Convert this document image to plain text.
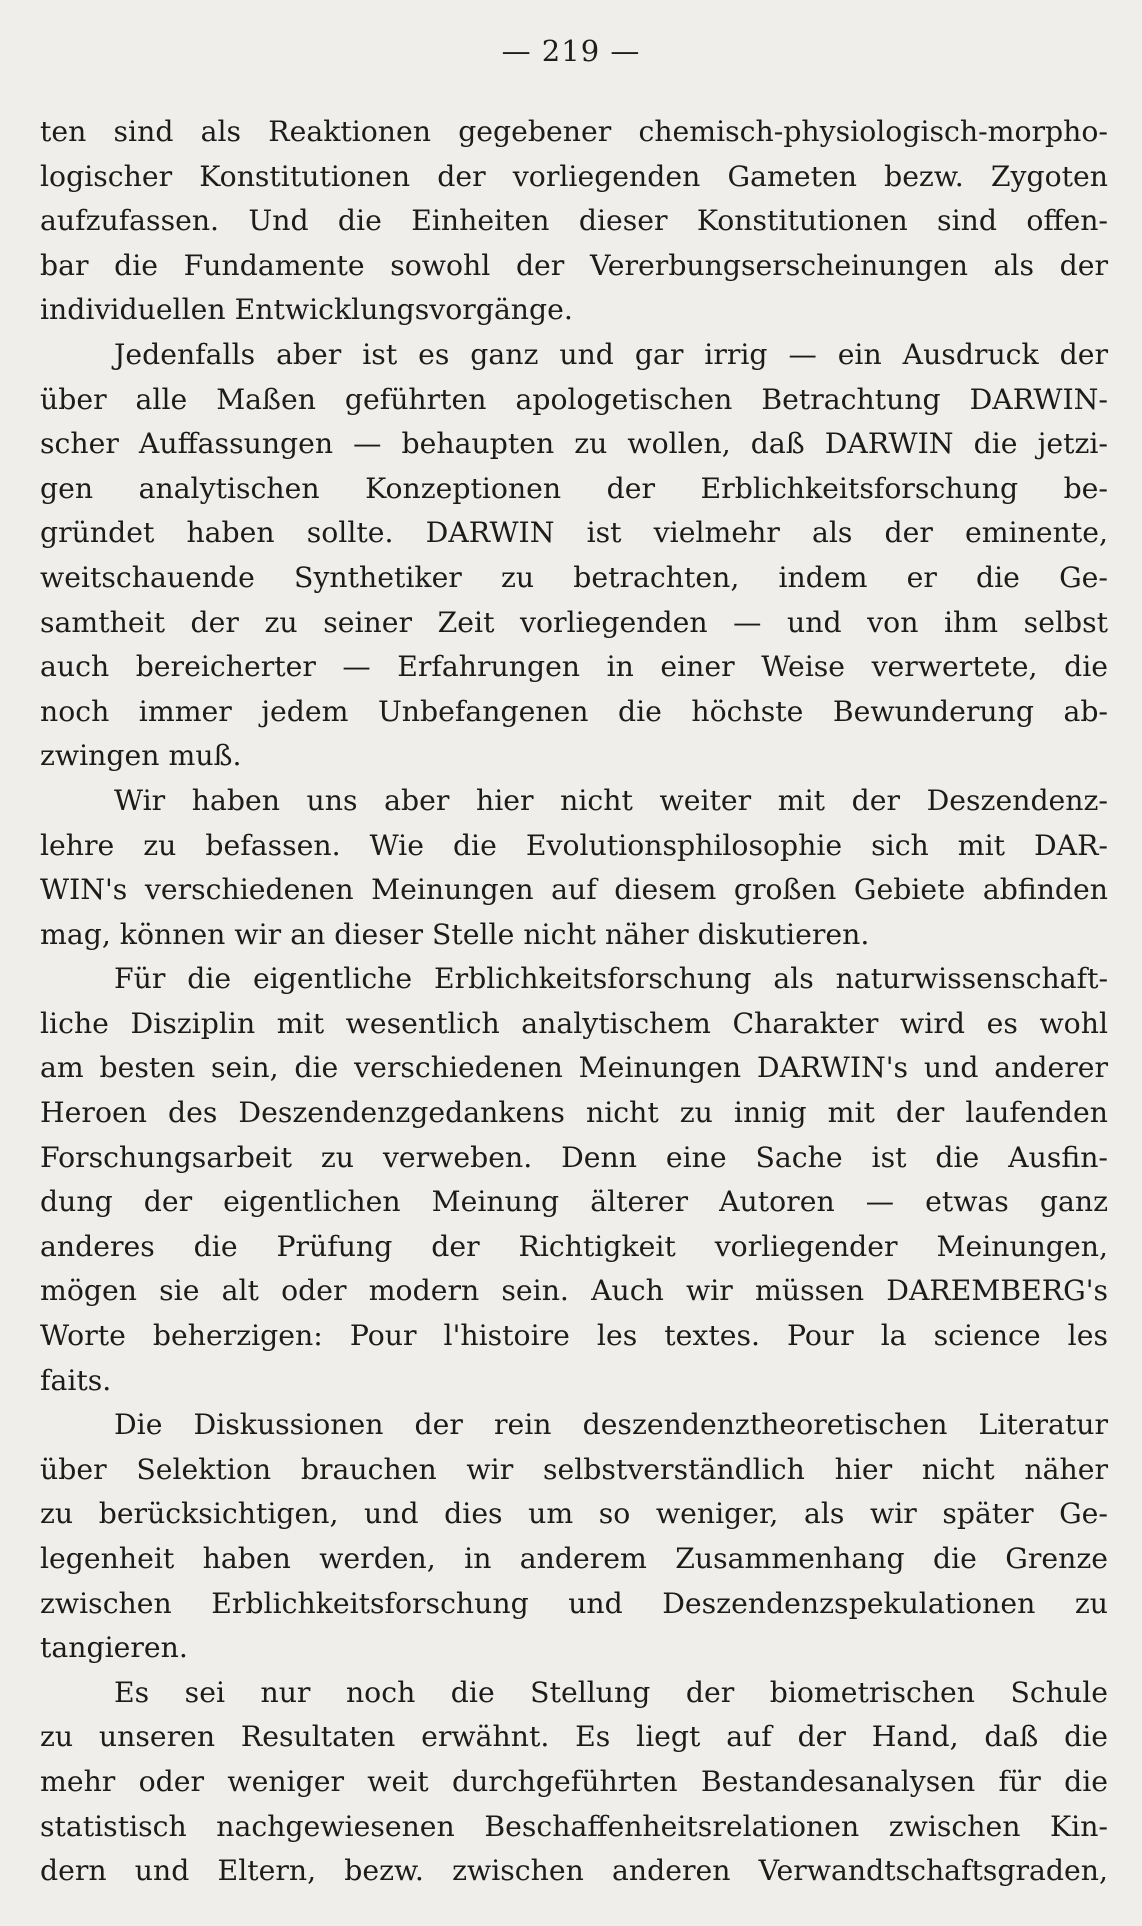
— 219 —
ten sind als Reaktionen gegebener chemisch-physiologisch-morpho-
logischer Konstitutionen der vorliegenden Gameten bezw. Zygoten
aufzufassen. Und die Einheiten dieser Konstitutionen sind offen-
bar die Fundamente sowohl der Vererbungserscheinungen als der
individuellen Entwicklungsvorgänge.
Jedenfalls aber ist es ganz und gar irrig — ein Ausdruck der
über alle Maßen geführten apologetischen Betrachtung DARWIN-
scher Auffassungen — behaupten zu wollen, daß DARWIN die jetzi-
gen analytischen Konzeptionen der Erblichkeitsforschung be-
gründet haben sollte. DARWIN ist vielmehr als der eminente,
weitschauende Synthetiker zu betrachten, indem er die Ge-
samtheit der zu seiner Zeit vorliegenden — und von ihm selbst
auch bereicherter — Erfahrungen in einer Weise verwertete, die
noch immer jedem Unbefangenen die höchste Bewunderung ab-
zwingen muß.
Wir haben uns aber hier nicht weiter mit der Deszendenz-
lehre zu befassen. Wie die Evolutionsphilosophie sich mit DAR-
WIN's verschiedenen Meinungen auf diesem großen Gebiete abfinden
mag, können wir an dieser Stelle nicht näher diskutieren.
Für die eigentliche Erblichkeitsforschung als naturwissenschaft-
liche Disziplin mit wesentlich analytischem Charakter wird es wohl
am besten sein, die verschiedenen Meinungen DARWIN's und anderer
Heroen des Deszendenzgedankens nicht zu innig mit der laufenden
Forschungsarbeit zu verweben. Denn eine Sache ist die Ausfin-
dung der eigentlichen Meinung älterer Autoren — etwas ganz
anderes die Prüfung der Richtigkeit vorliegender Meinungen,
mögen sie alt oder modern sein. Auch wir müssen DAREMBERG's
Worte beherzigen: Pour l'histoire les textes. Pour la science les
faits.
Die Diskussionen der rein deszendenztheoretischen Literatur
über Selektion brauchen wir selbstverständlich hier nicht näher
zu berücksichtigen, und dies um so weniger, als wir später Ge-
legenheit haben werden, in anderem Zusammenhang die Grenze
zwischen Erblichkeitsforschung und Deszendenzspekulationen zu
tangieren.
Es sei nur noch die Stellung der biometrischen Schule
zu unseren Resultaten erwähnt. Es liegt auf der Hand, daß die
mehr oder weniger weit durchgeführten Bestandesanalysen für die
statistisch nachgewiesenen Beschaffenheitsrelationen zwischen Kin-
dern und Eltern, bezw. zwischen anderen Verwandtschaftsgraden,
